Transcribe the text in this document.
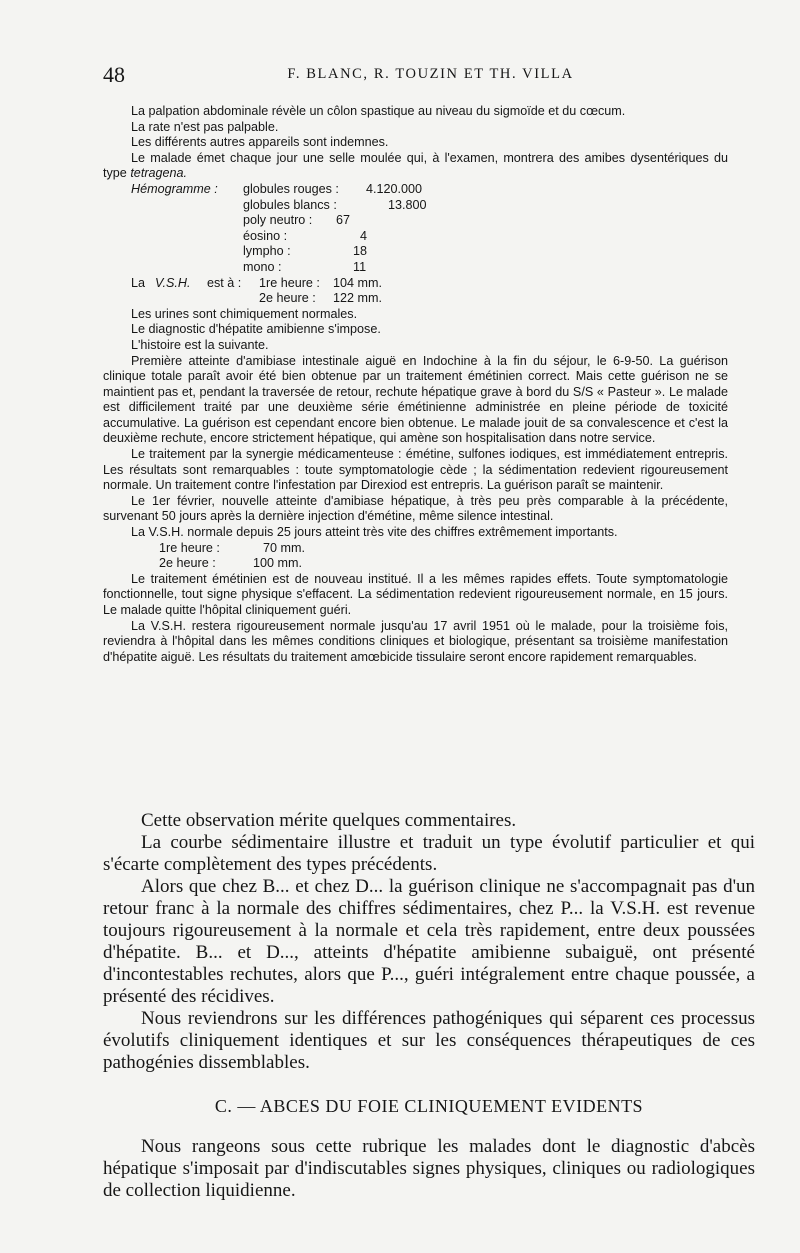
48	F. BLANC, R. TOUZIN ET TH. VILLA

La palpation abdominale révèle un côlon spastique au niveau du sigmoïde et du cœcum.

La rate n'est pas palpable.

Les différents autres appareils sont indemnes.

Le malade émet chaque jour une selle moulée qui, à l'examen, montrera des amibes dysentériques du type tetragena.

Hémogramme : globules rouges : 4.120.000
globules blancs :	13.800
poly neutro : 67
éosino :	4
lympho :	18
mono :	11
La V.S.H. est à : 1re heure : 104 mm.
2e heure : 122 mm.

Les urines sont chimiquement normales.

Le diagnostic d'hépatite amibienne s'impose.

L'histoire est la suivante.

Première atteinte d'amibiase intestinale aiguë en Indochine à la fin du séjour, le 6-9-50. La guérison clinique totale paraît avoir été bien obtenue par un traitement émétinien correct. Mais cette guérison ne se maintient pas et, pendant la traversée de retour, rechute hépatique grave à bord du S/S « Pasteur ». Le malade est difficilement traité par une deuxième série émétinienne administrée en pleine période de toxicité accumulative. La guérison est cependant encore bien obtenue. Le malade jouit de sa convalescence et c'est la deuxième rechute, encore strictement hépatique, qui amène son hospitalisation dans notre service.

Le traitement par la synergie médicamenteuse : émétine, sulfones iodiques, est immédiatement entrepris. Les résultats sont remarquables : toute symptomatologie cède ; la sédimentation redevient rigoureusement normale. Un traitement contre l'infestation par Direxiod est entrepris. La guérison paraît se maintenir.

Le 1er février, nouvelle atteinte d'amibiase hépatique, à très peu près comparable à la précédente, survenant 50 jours après la dernière injection d'émétine, même silence intestinal.

La V.S.H. normale depuis 25 jours atteint très vite des chiffres extrêmement importants.

1re heure :	70 mm.
2e heure :	100 mm.

Le traitement émétinien est de nouveau institué. Il a les mêmes rapides effets. Toute symptomatologie fonctionnelle, tout signe physique s'effacent. La sédimentation redevient rigoureusement normale, en 15 jours. Le malade quitte l'hôpital cliniquement guéri.

La V.S.H. restera rigoureusement normale jusqu'au 17 avril 1951 où le malade, pour la troisième fois, reviendra à l'hôpital dans les mêmes conditions cliniques et biologique, présentant sa troisième manifestation d'hépatite aiguë. Les résultats du traitement amœbicide tissulaire seront encore rapidement remarquables.

Cette observation mérite quelques commentaires.

La courbe sédimentaire illustre et traduit un type évolutif particulier et qui s'écarte complètement des types précédents.

Alors que chez B... et chez D... la guérison clinique ne s'accompagnait pas d'un retour franc à la normale des chiffres sédimentaires, chez P... la V.S.H. est revenue toujours rigoureusement à la normale et cela très rapidement, entre deux poussées d'hépatite. B... et D..., atteints d'hépatite amibienne subaiguë, ont présenté d'incontestables rechutes, alors que P..., guéri intégralement entre chaque poussée, a présenté des récidives.

Nous reviendrons sur les différences pathogéniques qui séparent ces processus évolutifs cliniquement identiques et sur les conséquences thérapeutiques de ces pathogénies dissemblables.

C. — ABCES DU FOIE CLINIQUEMENT EVIDENTS

Nous rangeons sous cette rubrique les malades dont le diagnostic d'abcès hépatique s'imposait par d'indiscutables signes physiques, cliniques ou radiologiques de collection liquidienne.
